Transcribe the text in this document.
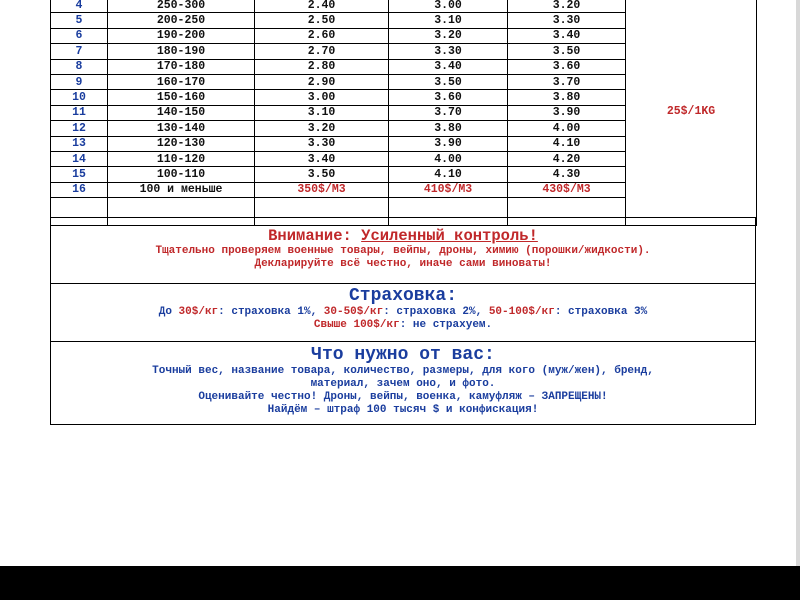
4	250-300	2.40	3.00	3.20	25$/1KG
5	200-250	2.50	3.10	3.30	
6	190-200	2.60	3.20	3.40	
7	180-190	2.70	3.30	3.50	
8	170-180	2.80	3.40	3.60	
9	160-170	2.90	3.50	3.70	
10	150-160	3.00	3.60	3.80	
11	140-150	3.10	3.70	3.90	
12	130-140	3.20	3.80	4.00	
13	120-130	3.30	3.90	4.10	
14	110-120	3.40	4.00	4.20	
15	100-110	3.50	4.10	4.30	
16	100 и меньше	350$/M3	410$/M3	430$/M3	

Внимание: Усиленный контроль!
Тщательно проверяем военные товары, вейпы, дроны, химию (порошки/жидкости).
Декларируйте всё честно, иначе сами виноваты!
Страховка:
До 30$/кг: страховка 1%, 30-50$/кг: страховка 2%, 50-100$/кг: страховка 3%
Свыше 100$/кг: не страхуем.
Что нужно от вас:
Точный вес, название товара, количество, размеры, для кого (муж/жен), бренд,
материал, зачем оно, и фото.
Оценивайте честно! Дроны, вейпы, военка, камуфляж – ЗАПРЕЩЕНЫ!
Найдём – штраф 100 тысяч $ и конфискация!
